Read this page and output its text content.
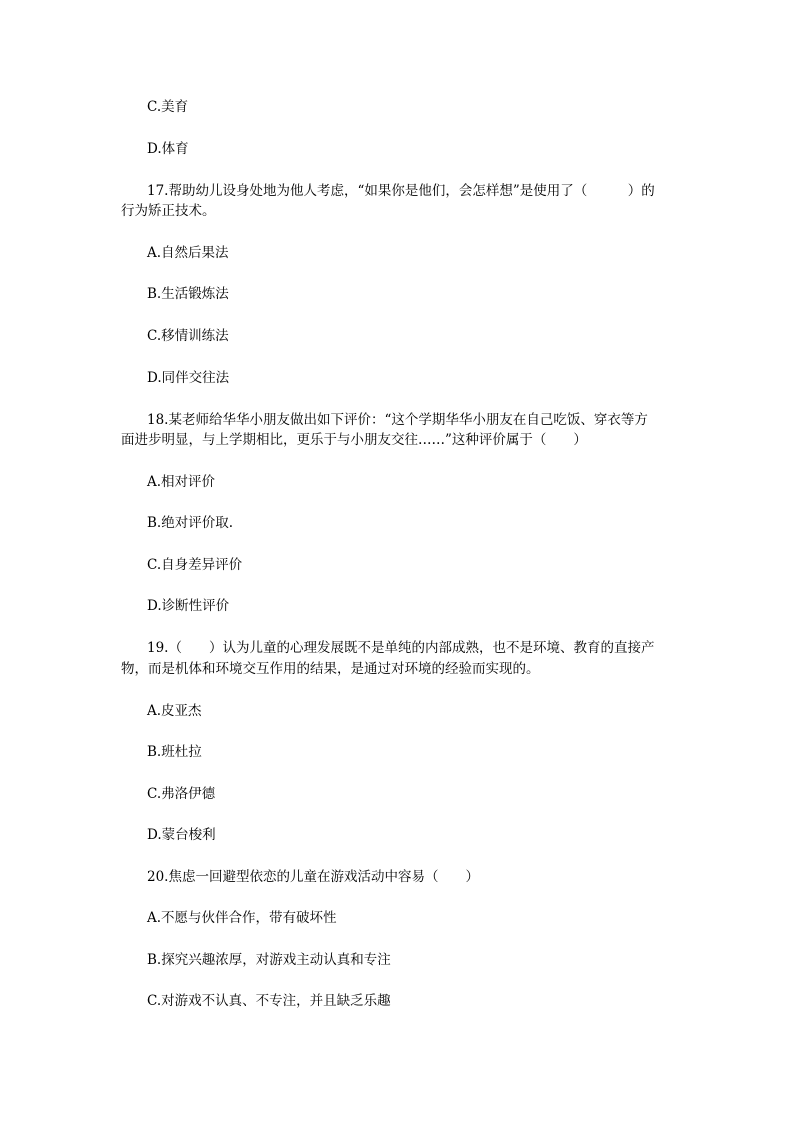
C.美育
D.体育
17.帮助幼儿设身处地为他人考虑，“如果你是他们，会怎样想”是使用了（　　　）的
行为矫正技术。
A.自然后果法
B.生活锻炼法
C.移情训练法
D.同伴交往法
18.某老师给华华小朋友做出如下评价：“这个学期华华小朋友在自己吃饭、穿衣等方
面进步明显，与上学期相比，更乐于与小朋友交往……”这种评价属于（　　）
A.相对评价
B.绝对评价取.
C.自身差异评价
D.诊断性评价
19.（　　）认为儿童的心理发展既不是单纯的内部成熟，也不是环境、教育的直接产
物，而是机体和环境交互作用的结果，是通过对环境的经验而实现的。
A.皮亚杰
B.班杜拉
C.弗洛伊德
D.蒙台梭利
20.焦虑一回避型依恋的儿童在游戏活动中容易（　　）
A.不愿与伙伴合作，带有破坏性
B.探究兴趣浓厚，对游戏主动认真和专注
C.对游戏不认真、不专注，并且缺乏乐趣
